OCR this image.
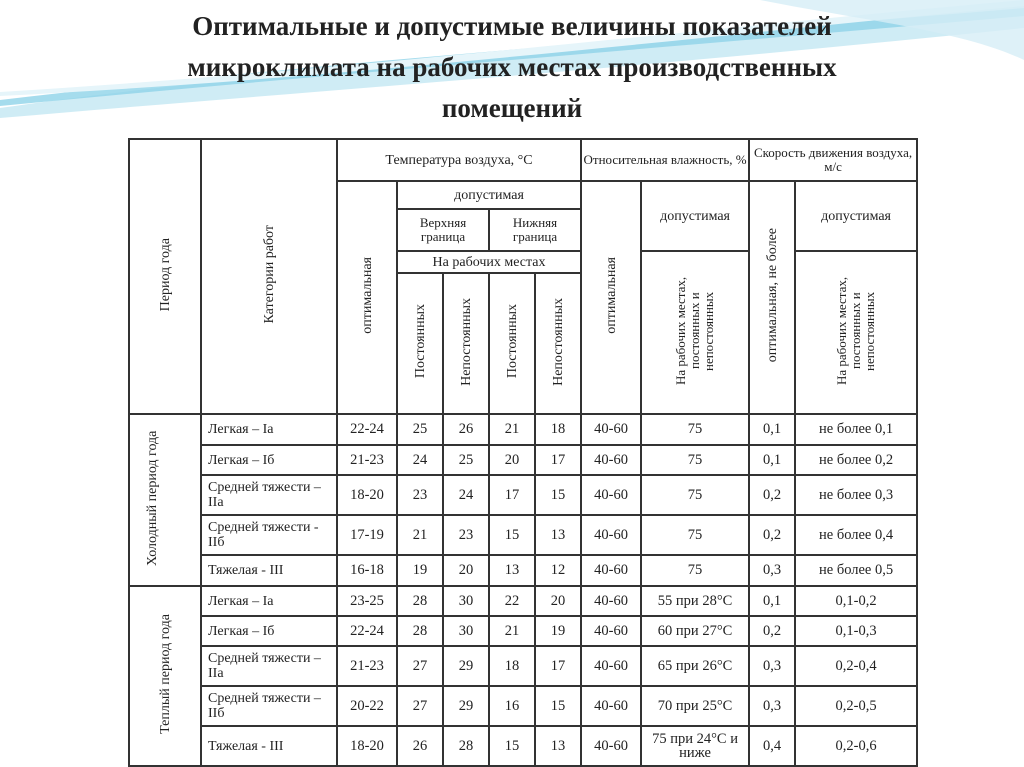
Оптимальные и допустимые величины показателей
микроклимата на рабочих местах производственных
помещений
Период года	Категории работ	Температура воздуха, °С					Относительная влажность, %		Скорость движения воздуха, м/с	
		оптимальная	допустимая				оптимальная	допустимая	оптимальная, не более	допустимая
			Верхняя граница		Нижняя граница					
			На рабочих местах					На рабочих местах, постоянных и непостоянных		На рабочих местах, постоянных и непостоянных
			Постоянных	Непостоянных	Постоянных	Непостоянных				
Холодный период года	Легкая – Ia	22-24	25	26	21	18	40-60	75	0,1	не более 0,1
	Легкая – Iб	21-23	24	25	20	17	40-60	75	0,1	не более 0,2
	Средней тяжести – IIа	18-20	23	24	17	15	40-60	75	0,2	не более 0,3
	Средней тяжести - IIб	17-19	21	23	15	13	40-60	75	0,2	не более 0,4
	Тяжелая - III	16-18	19	20	13	12	40-60	75	0,3	не более 0,5
Теплый период года	Легкая – Ia	23-25	28	30	22	20	40-60	55 при 28°С	0,1	0,1-0,2
	Легкая – Iб	22-24	28	30	21	19	40-60	60 при 27°С	0,2	0,1-0,3
	Средней тяжести – IIа	21-23	27	29	18	17	40-60	65 при 26°С	0,3	0,2-0,4
	Средней тяжести – IIб	20-22	27	29	16	15	40-60	70 при 25°С	0,3	0,2-0,5
	Тяжелая - III	18-20	26	28	15	13	40-60	75 при 24°С и ниже	0,4	0,2-0,6
